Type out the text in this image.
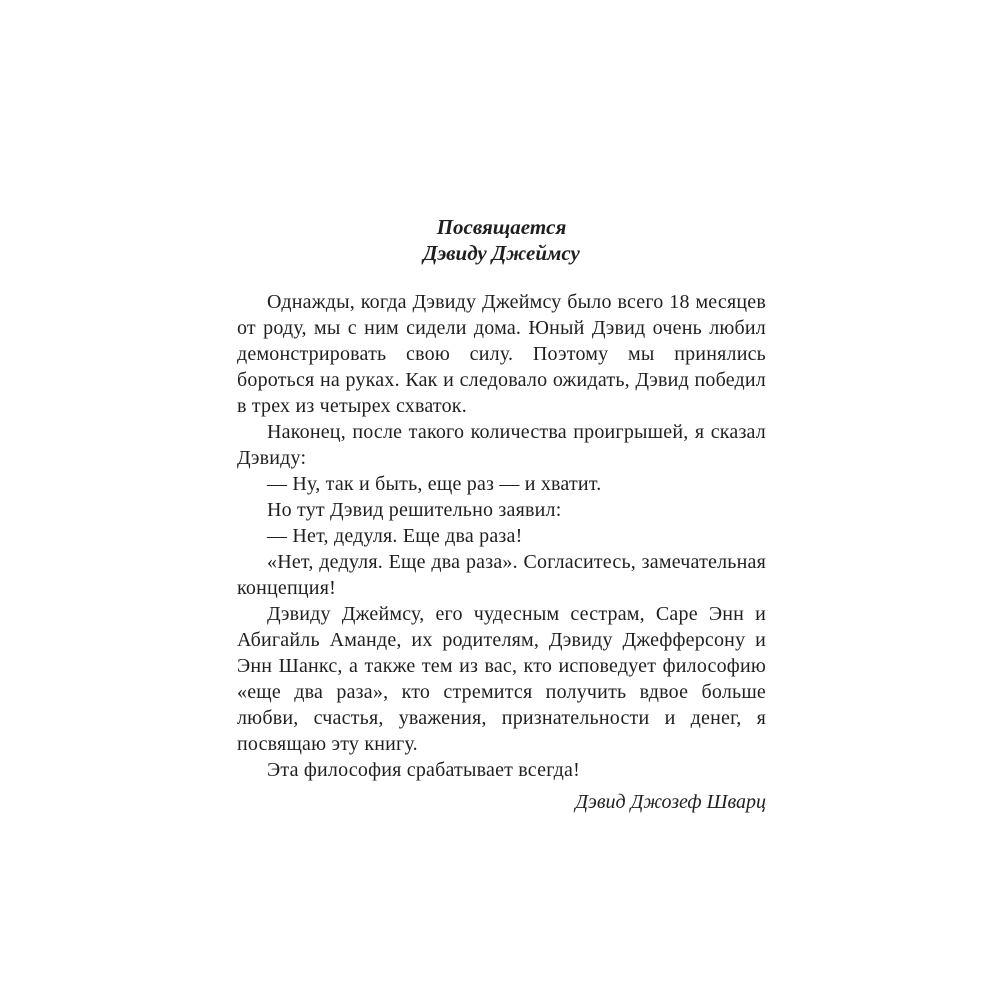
Посвящается
Дэвиду Джеймсу

Однажды, когда Дэвиду Джеймсу было всего 18 месяцев от роду, мы с ним сидели дома. Юный Дэвид очень любил демонстрировать свою силу. Поэтому мы принялись бороться на руках. Как и следовало ожидать, Дэвид победил в трех из четырех схваток.

Наконец, после такого количества проигрышей, я сказал Дэвиду:

— Ну, так и быть, еще раз — и хватит.

Но тут Дэвид решительно заявил:

— Нет, дедуля. Еще два раза!

«Нет, дедуля. Еще два раза». Согласитесь, замечательная концепция!

Дэвиду Джеймсу, его чудесным сестрам, Саре Энн и Абигайль Аманде, их родителям, Дэвиду Джефферсону и Энн Шанкс, а также тем из вас, кто исповедует философию «еще два раза», кто стремится получить вдвое больше любви, счастья, уважения, признательности и денег, я посвящаю эту книгу.

Эта философия срабатывает всегда!

Дэвид Джозеф Шварц
